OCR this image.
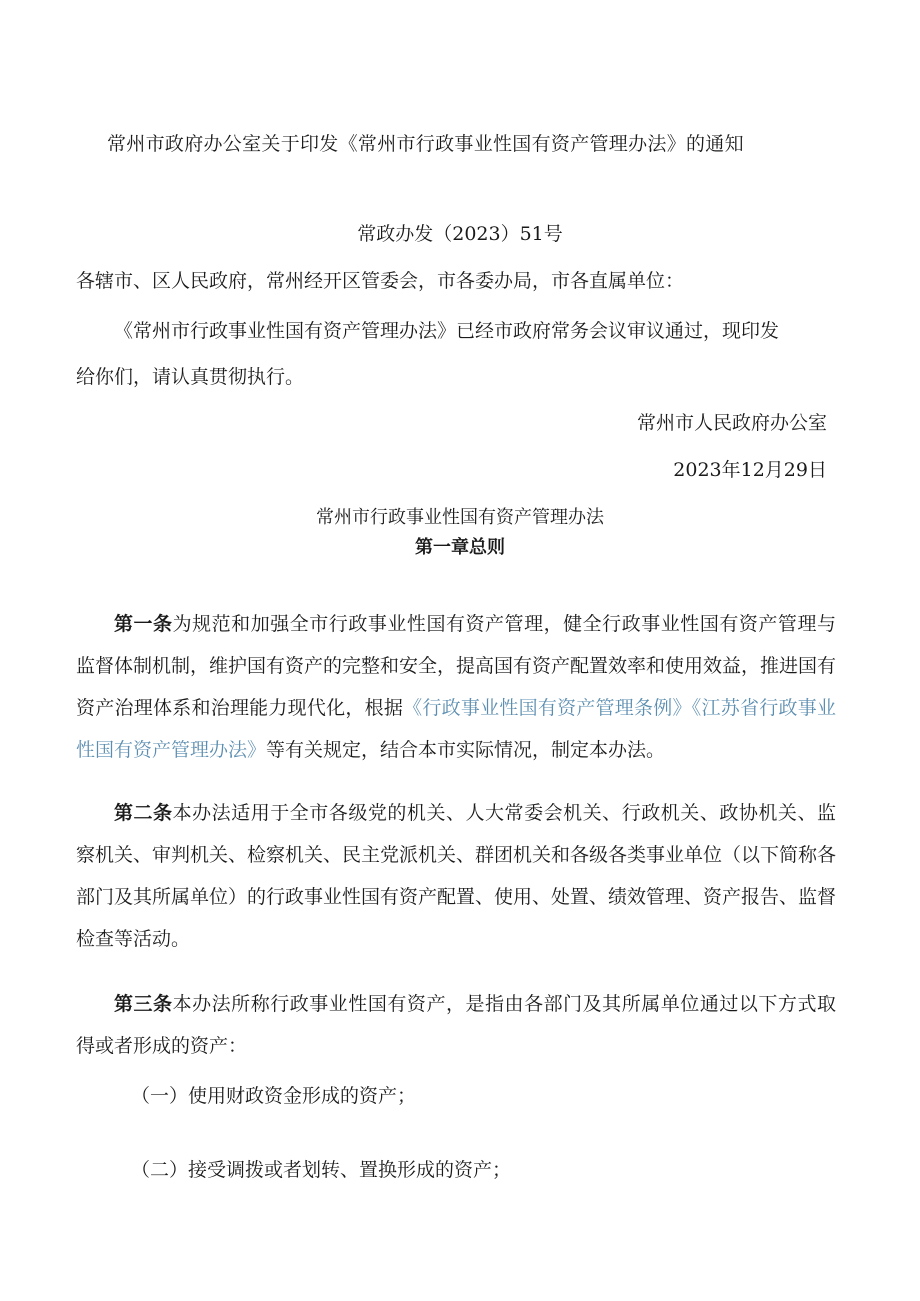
常州市政府办公室关于印发《常州市行政事业性国有资产管理办法》的通知
常政办发（2023）51号
各辖市、区人民政府，常州经开区管委会，市各委办局，市各直属单位：
《常州市行政事业性国有资产管理办法》已经市政府常务会议审议通过，现印发
给你们，请认真贯彻执行。
常州市人民政府办公室
2023年12月29日
常州市行政事业性国有资产管理办法
第一章总则
第一条为规范和加强全市行政事业性国有资产管理，健全行政事业性国有资产管理与监督体制机制，维护国有资产的完整和安全，提高国有资产配置效率和使用效益，推进国有资产治理体系和治理能力现代化，根据《行政事业性国有资产管理条例》《江苏省行政事业性国有资产管理办法》等有关规定，结合本市实际情况，制定本办法。
第二条本办法适用于全市各级党的机关、人大常委会机关、行政机关、政协机关、监察机关、审判机关、检察机关、民主党派机关、群团机关和各级各类事业单位（以下简称各部门及其所属单位）的行政事业性国有资产配置、使用、处置、绩效管理、资产报告、监督检查等活动。
第三条本办法所称行政事业性国有资产，是指由各部门及其所属单位通过以下方式取得或者形成的资产：
（一）使用财政资金形成的资产；
（二）接受调拨或者划转、置换形成的资产；
